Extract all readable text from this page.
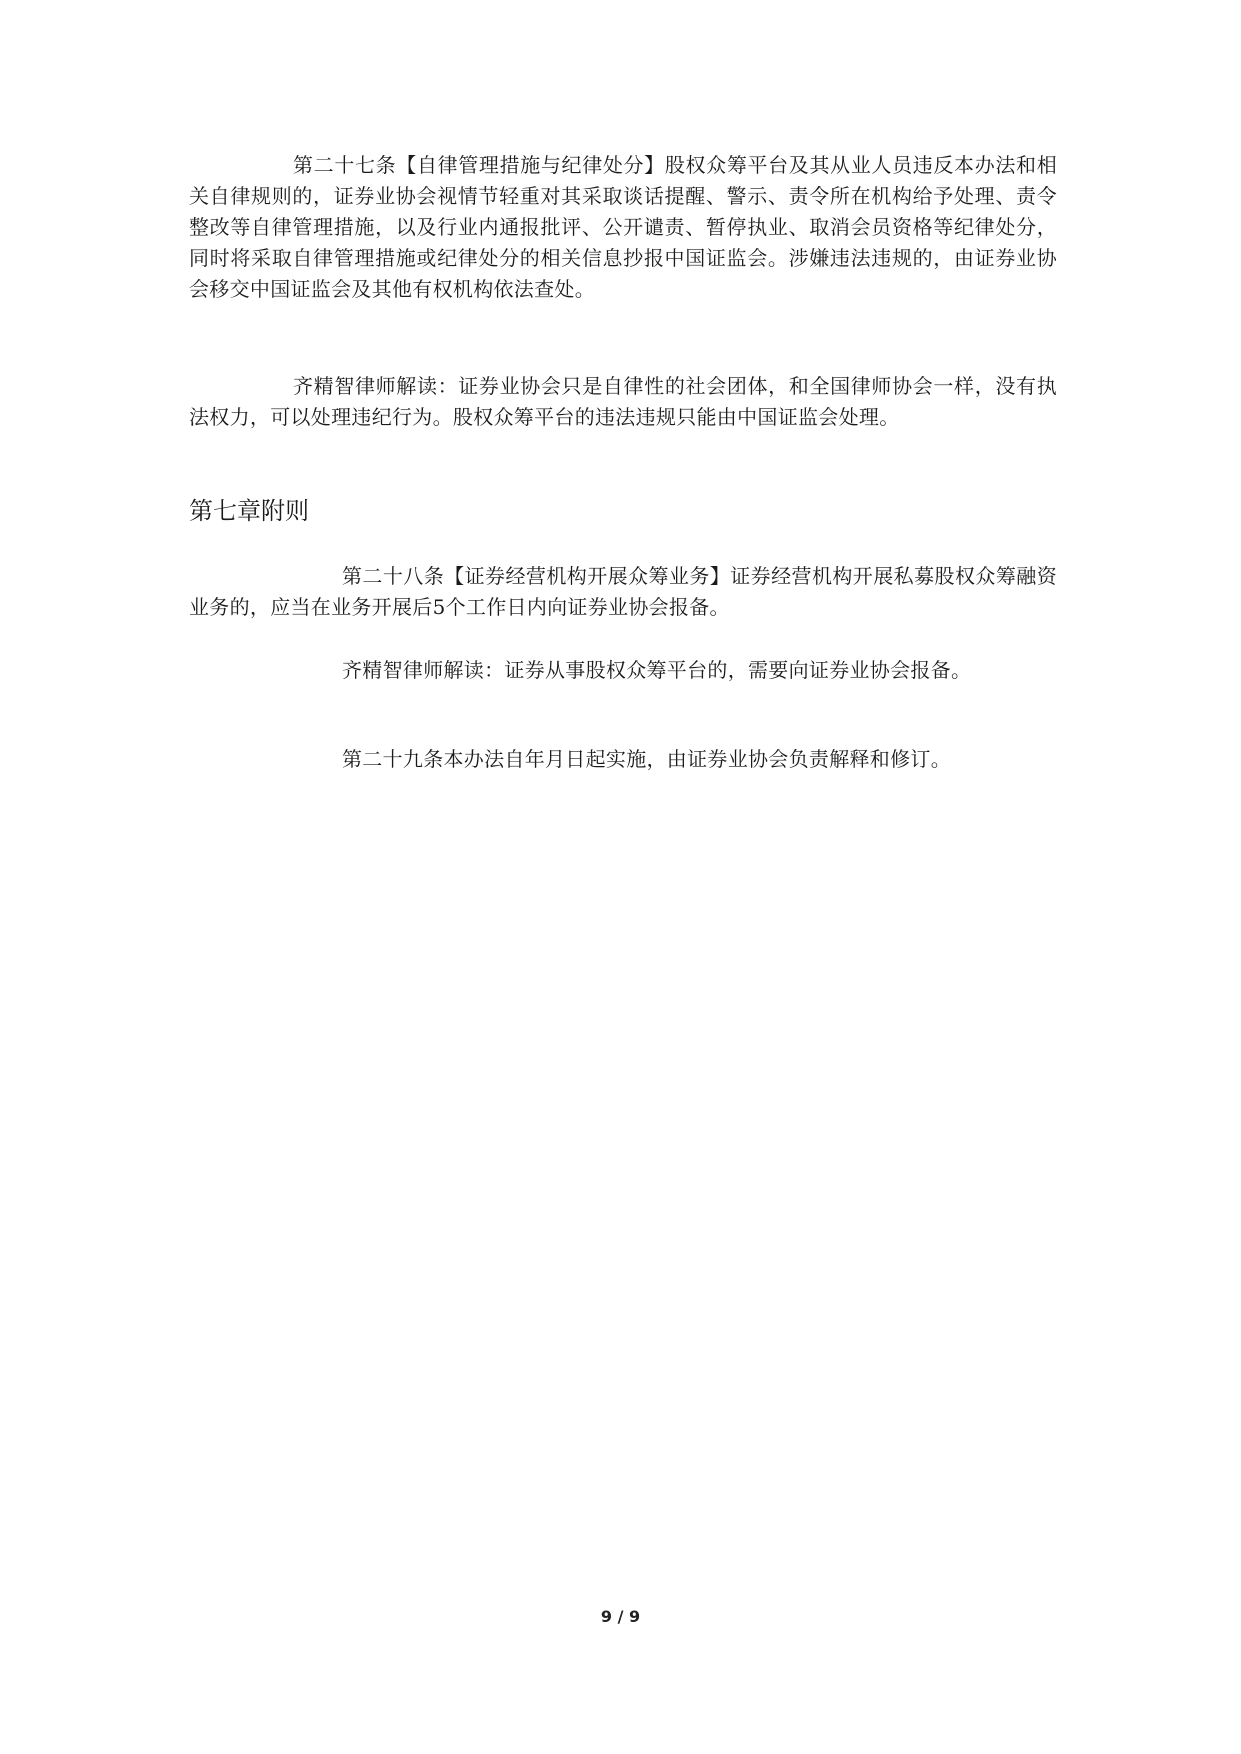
第二十七条【自律管理措施与纪律处分】股权众筹平台及其从业人员违反本办法和相关自律规则的，证券业协会视情节轻重对其采取谈话提醒、警示、责令所在机构给予处理、责令整改等自律管理措施，以及行业内通报批评、公开谴责、暂停执业、取消会员资格等纪律处分，同时将采取自律管理措施或纪律处分的相关信息抄报中国证监会。涉嫌违法违规的，由证券业协会移交中国证监会及其他有权机构依法查处。

齐精智律师解读：证券业协会只是自律性的社会团体，和全国律师协会一样，没有执法权力，可以处理违纪行为。股权众筹平台的违法违规只能由中国证监会处理。

第七章附则

第二十八条【证券经营机构开展众筹业务】证券经营机构开展私募股权众筹融资业务的，应当在业务开展后5个工作日内向证券业协会报备。

齐精智律师解读：证券从事股权众筹平台的，需要向证券业协会报备。

第二十九条本办法自年月日起实施，由证券业协会负责解释和修订。

9 / 9
